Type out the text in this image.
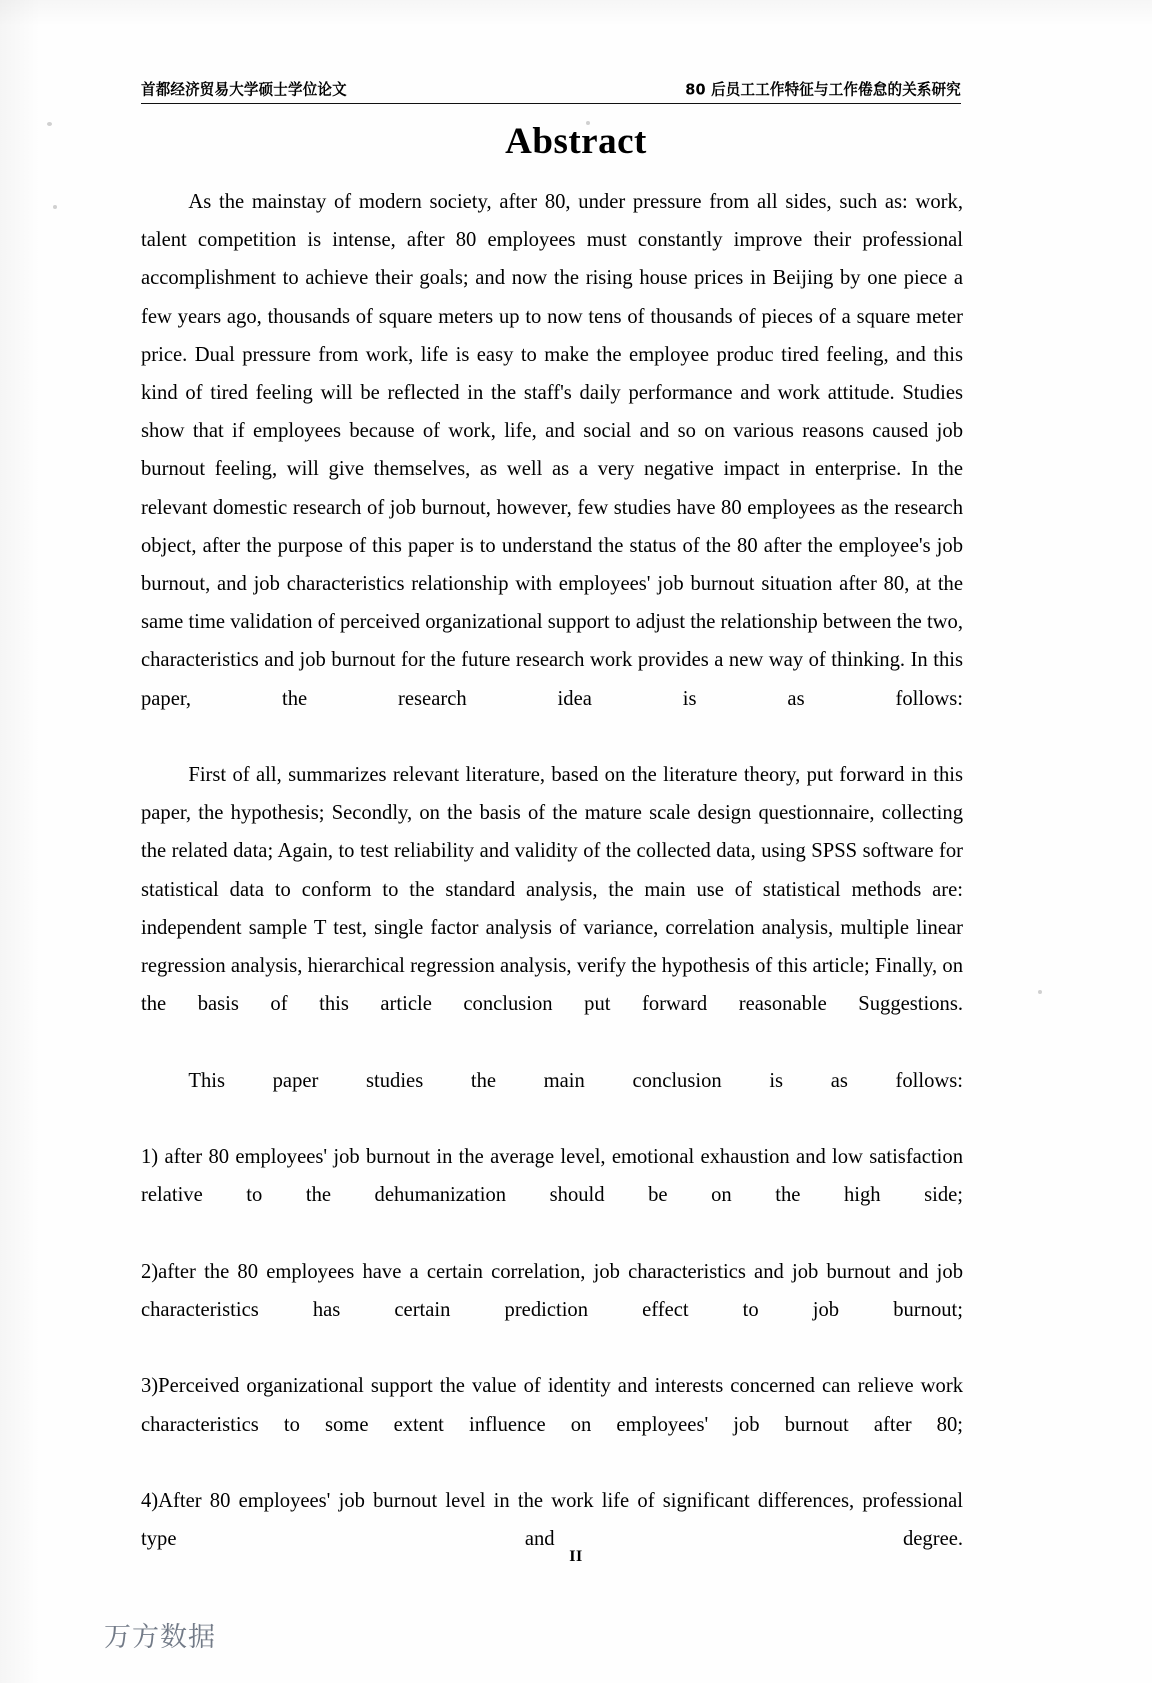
首都经济贸易大学硕士学位论文	80 后员工工作特征与工作倦怠的关系研究
Abstract

As the mainstay of modern society, after 80, under pressure from all sides, such as: work, talent competition is intense, after 80 employees must constantly improve their professional accomplishment to achieve their goals; and now the rising house prices in Beijing by one piece a few years ago, thousands of square meters up to now tens of thousands of pieces of a square meter price. Dual pressure from work, life is easy to make the employee produc tired feeling, and this kind of tired feeling will be reflected in the staff's daily performance and work attitude. Studies show that if employees because of work, life, and social and so on various reasons caused job burnout feeling, will give themselves, as well as a very negative impact in enterprise. In the relevant domestic research of job burnout, however, few studies have 80 employees as the research object, after the purpose of this paper is to understand the status of the 80 after the employee's job burnout, and job characteristics relationship with employees' job burnout situation after 80, at the same time validation of perceived organizational support to adjust the relationship between the two, characteristics and job burnout for the future research work provides a new way of thinking. In this paper, the research idea is as follows:

First of all, summarizes relevant literature, based on the literature theory, put forward in this paper, the hypothesis; Secondly, on the basis of the mature scale design questionnaire, collecting the related data; Again, to test reliability and validity of the collected data, using SPSS software for statistical data to conform to the standard analysis, the main use of statistical methods are: independent sample T test, single factor analysis of variance, correlation analysis, multiple linear regression analysis, hierarchical regression analysis, verify the hypothesis of this article; Finally, on the basis of this article conclusion put forward reasonable Suggestions.

This paper studies the main conclusion is as follows:

1) after 80 employees' job burnout in the average level, emotional exhaustion and low satisfaction relative to the dehumanization should be on the high side;

2)after the 80 employees have a certain correlation, job characteristics and job burnout and job characteristics has certain prediction effect to job burnout;

3)Perceived organizational support the value of identity and interests concerned can relieve work characteristics to some extent influence on employees' job burnout after 80;

4)After 80 employees' job burnout level in the work life of significant differences, professional type and degree.

II
万方数据
